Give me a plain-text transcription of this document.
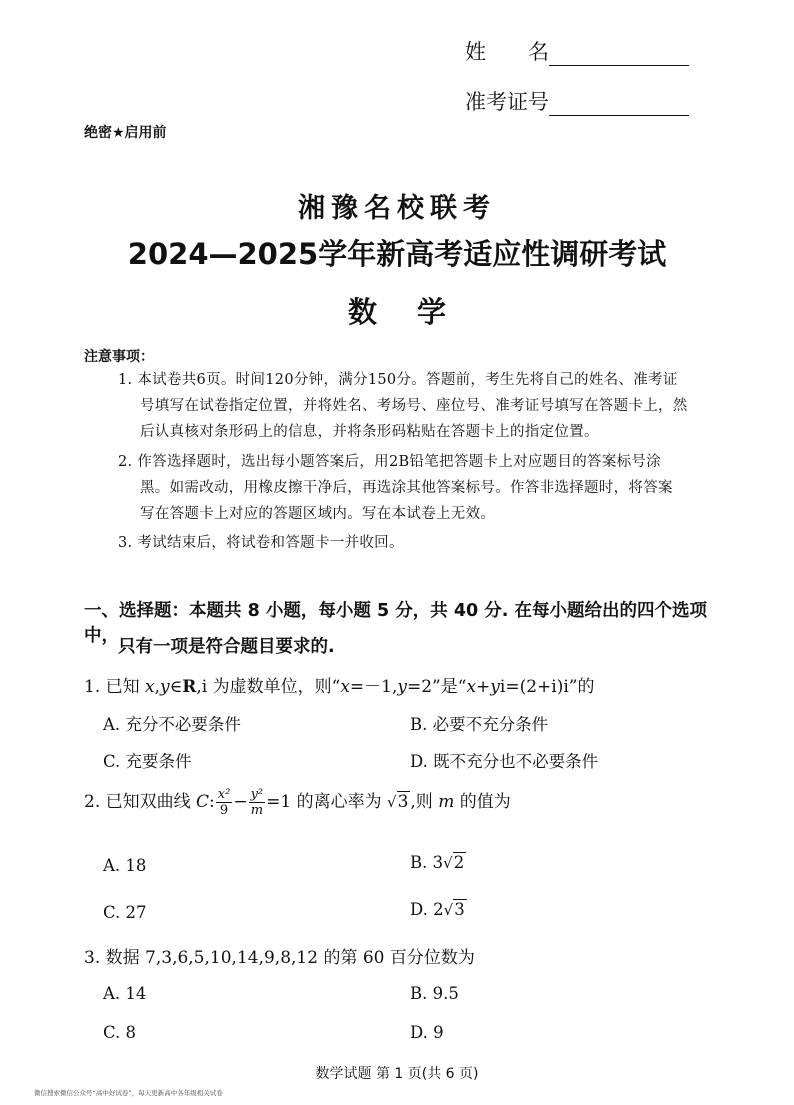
姓　　名
准考证号
绝密★启用前
湘豫名校联考
2024—2025学年新高考适应性调研考试
数学
注意事项：
1. 本试卷共6页。时间120分钟，满分150分。答题前，考生先将自己的姓名、准考证
号填写在试卷指定位置，并将姓名、考场号、座位号、准考证号填写在答题卡上，然
后认真核对条形码上的信息，并将条形码粘贴在答题卡上的指定位置。
2. 作答选择题时，选出每小题答案后，用2B铅笔把答题卡上对应题目的答案标号涂
黑。如需改动，用橡皮擦干净后，再选涂其他答案标号。作答非选择题时，将答案
写在答题卡上对应的答题区域内。写在本试卷上无效。
3. 考试结束后，将试卷和答题卡一并收回。
一、选择题：本题共 8 小题，每小题 5 分，共 40 分. 在每小题给出的四个选项中，
只有一项是符合题目要求的.
1. 已知 x,y∈R,i 为虚数单位，则“x=－1,y=2”是“x+yi=(2+i)i”的
A. 充分不必要条件	B. 必要不充分条件
C. 充要条件	D. 既不充分也不必要条件
2. 已知双曲线 C: $\frac{\text{x²}}{9} - \frac{\text{y²}}{m} =1$ 的离心率为 √3 ,则 m 的值为
A. 18	B. 3√2
C. 27	D. 2√3
3. 数据 7,3,6,5,10,14,9,8,12 的第 60 百分位数为
A. 14	B. 9.5
C. 8	D. 9
数学试题 第 1 页(共 6 页)
微信搜索微信公众号“高中好试卷”，每天更新高中各年级相关试卷
